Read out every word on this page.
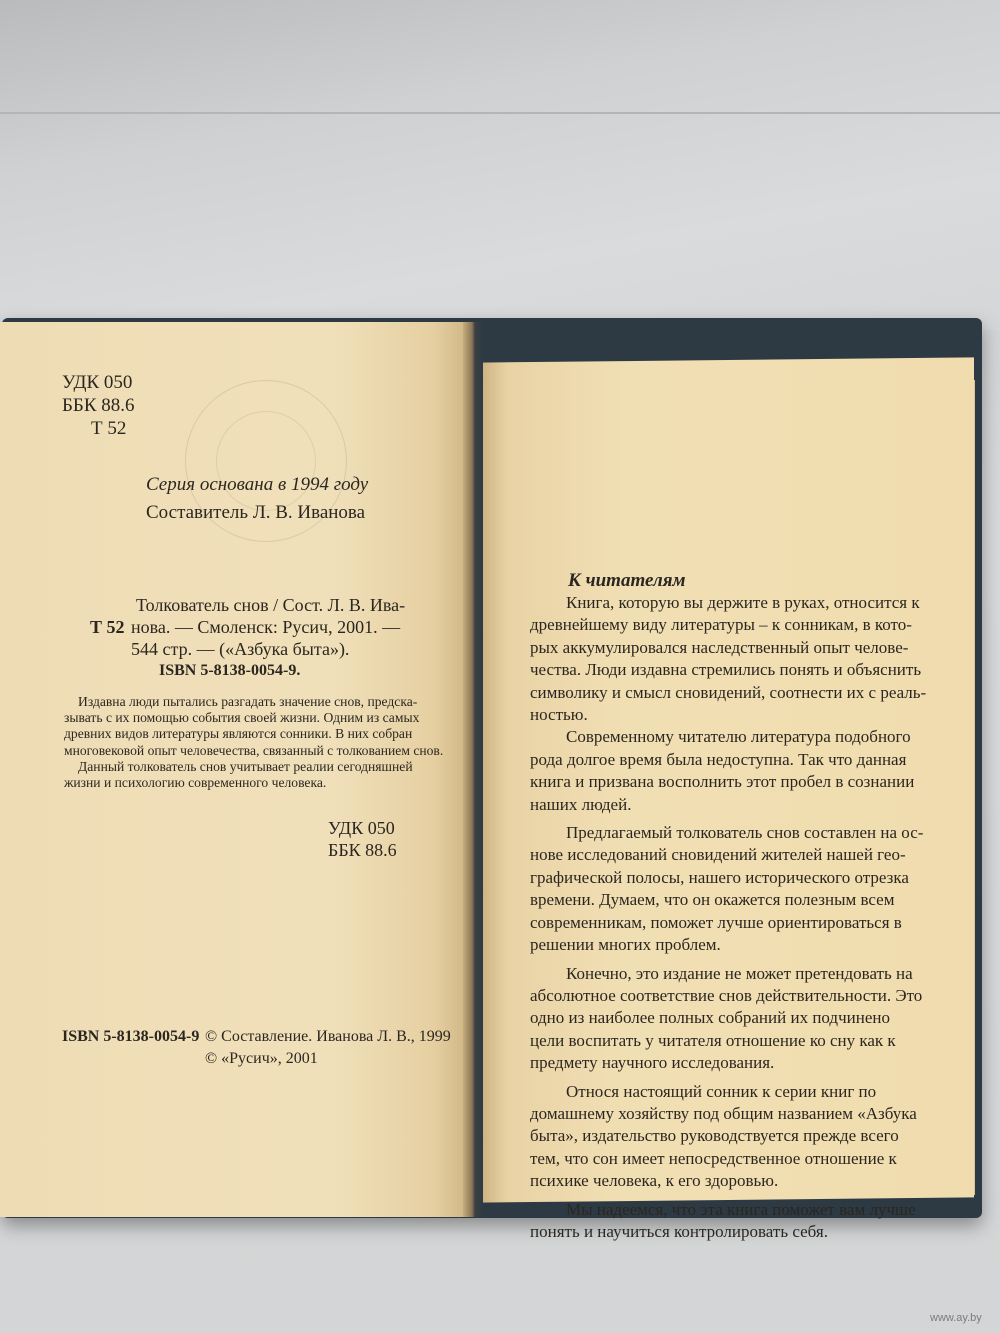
УДК 050
ББК 88.6
Т 52
Серия основана в 1994 году
Составитель Л. В. Иванова
Толкователь снов / Сост. Л. В. Ива-
Т 52 нова. — Смоленск: Русич, 2001. —
544 стр. — («Азбука быта»).
ISBN 5-8138-0054-9.

Издавна люди пытались разгадать значение снов, предска-

зывать с их помощью события своей жизни. Одним из самых

древних видов литературы являются сонники. В них собран

многовековой опыт человечества, связанный с толкованием снов.

Данный толкователь снов учитывает реалии сегодняшней

жизни и психологию современного человека.

УДК 050
ББК 88.6
ISBN 5-8138-0054-9 © Составление. Иванова Л. В., 1999
© «Русич», 2001
К читателям

Книга, которую вы держите в руках, относится к

древнейшему виду литературы – к сонникам, в кото-

рых аккумулировался наследственный опыт челове-

чества. Люди издавна стремились понять и объяснить

символику и смысл сновидений, соотнести их с реаль-

ностью.

Современному читателю литература подобного

рода долгое время была недоступна. Так что данная

книга и призвана восполнить этот пробел в сознании

наших людей.

Предлагаемый толкователь снов составлен на ос-

нове исследований сновидений жителей нашей гео-

графической полосы, нашего исторического отрезка

времени. Думаем, что он окажется полезным всем

современникам, поможет лучше ориентироваться в

решении многих проблем.

Конечно, это издание не может претендовать на

абсолютное соответствие снов действительности. Это

одно из наиболее полных собраний их подчинено

цели воспитать у читателя отношение ко сну как к

предмету научного исследования.

Относя настоящий сонник к серии книг по

домашнему хозяйству под общим названием «Азбука

быта», издательство руководствуется прежде всего

тем, что сон имеет непосредственное отношение к

психике человека, к его здоровью.

Мы надеемся, что эта книга поможет вам лучше

понять и научиться контролировать себя.

www.ay.by
